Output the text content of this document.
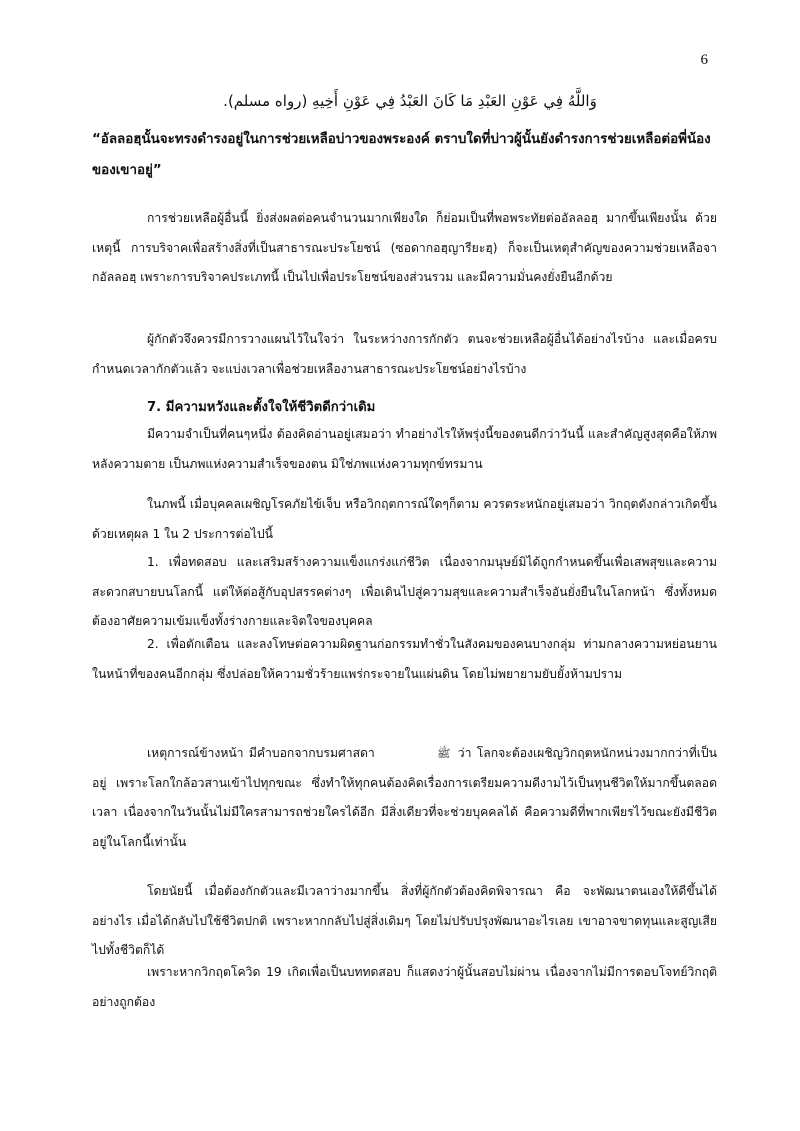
6
وَاللَّهُ فِي عَوْنِ العَبْدِ مَا كَانَ العَبْدُ فِي عَوْنِ أَخِيهِ (رواه مسلم).
“อัลลอฮฺนั้นจะทรงดำรงอยู่ในการช่วยเหลือบ่าวของพระองค์ ตราบใดที่บ่าวผู้นั้นยังดำรงการช่วยเหลือต่อพี่น้องของเขาอยู่”

การช่วยเหลือผู้อื่นนี้ ยิ่งส่งผลต่อคนจำนวนมากเพียงใด ก็ย่อมเป็นที่พอพระทัยต่ออัลลอฮฺ มากขึ้นเพียงนั้น ด้วยเหตุนี้ การบริจาคเพื่อสร้างสิ่งที่เป็นสาธารณะประโยชน์ (ซอดากอฮฺญารียะฮฺ) ก็จะเป็นเหตุสำคัญของความช่วยเหลือจากอัลลอฮฺ เพราะการบริจาคประเภทนี้ เป็นไปเพื่อประโยชน์ของส่วนรวม และมีความมั่นคงยั่งยืนอีกด้วย

ผู้กักตัวจึงควรมีการวางแผนไว้ในใจว่า ในระหว่างการกักตัว ตนจะช่วยเหลือผู้อื่นได้อย่างไรบ้าง และเมื่อครบกำหนดเวลากักตัวแล้ว จะแบ่งเวลาเพื่อช่วยเหลืองานสาธารณะประโยชน์อย่างไรบ้าง

7. มีความหวังและตั้งใจให้ชีวิตดีกว่าเดิม

มีความจำเป็นที่คนๆหนึ่ง ต้องคิดอ่านอยู่เสมอว่า ทำอย่างไรให้พรุ่งนี้ของตนดีกว่าวันนี้ และสำคัญสูงสุดคือให้ภพหลังความตาย เป็นภพแห่งความสำเร็จของตน มิใช่ภพแห่งความทุกข์ทรมาน

ในภพนี้ เมื่อบุคคลเผชิญโรคภัยไข้เจ็บ หรือวิกฤตการณ์ใดๆก็ตาม ควรตระหนักอยู่เสมอว่า วิกฤตดังกล่าวเกิดขึ้นด้วยเหตุผล 1 ใน 2 ประการต่อไปนี้

1. เพื่อทดสอบ และเสริมสร้างความแข็งแกร่งแก่ชีวิต เนื่องจากมนุษย์มิได้ถูกกำหนดขึ้นเพื่อเสพสุขและความสะดวกสบายบนโลกนี้ แต่ให้ต่อสู้กับอุปสรรคต่างๆ เพื่อเดินไปสู่ความสุขและความสำเร็จอันยั่งยืนในโลกหน้า ซึ่งทั้งหมดต้องอาศัยความเข้มแข็งทั้งร่างกายและจิตใจของบุคคล

2. เพื่อตักเตือน และลงโทษต่อความผิดฐานก่อกรรมทำชั่วในสังคมของคนบางกลุ่ม ท่ามกลางความหย่อนยานในหน้าที่ของคนอีกกลุ่ม ซึ่งปล่อยให้ความชั่วร้ายแพร่กระจายในแผ่นดิน โดยไม่พยายามยับยั้งห้ามปราม

เหตุการณ์ข้างหน้า มีคำบอกจากบรมศาสดา	ﷺ ว่า โลกจะต้องเผชิญวิกฤตหนักหน่วงมากกว่าที่เป็นอยู่ เพราะโลกใกล้อวสานเข้าไปทุกขณะ ซึ่งทำให้ทุกคนต้องคิดเรื่องการเตรียมความดีงามไว้เป็นทุนชีวิตให้มากขึ้นตลอดเวลา เนื่องจากในวันนั้นไม่มีใครสามารถช่วยใครได้อีก มีสิ่งเดียวที่จะช่วยบุคคลได้ คือความดีที่พากเพียรไว้ขณะยังมีชีวิตอยู่ในโลกนี้เท่านั้น

โดยนัยนี้ เมื่อต้องกักตัวและมีเวลาว่างมากขึ้น สิ่งที่ผู้กักตัวต้องคิดพิจารณา คือ จะพัฒนาตนเองให้ดีขึ้นได้อย่างไร เมื่อได้กลับไปใช้ชีวิตปกติ เพราะหากกลับไปสู่สิ่งเดิมๆ โดยไม่ปรับปรุงพัฒนาอะไรเลย เขาอาจขาดทุนและสูญเสียไปทั้งชีวิตก็ได้

เพราะหากวิกฤตโควิด 19 เกิดเพื่อเป็นบททดสอบ ก็แสดงว่าผู้นั้นสอบไม่ผ่าน เนื่องจากไม่มีการตอบโจทย์วิกฤติอย่างถูกต้อง
